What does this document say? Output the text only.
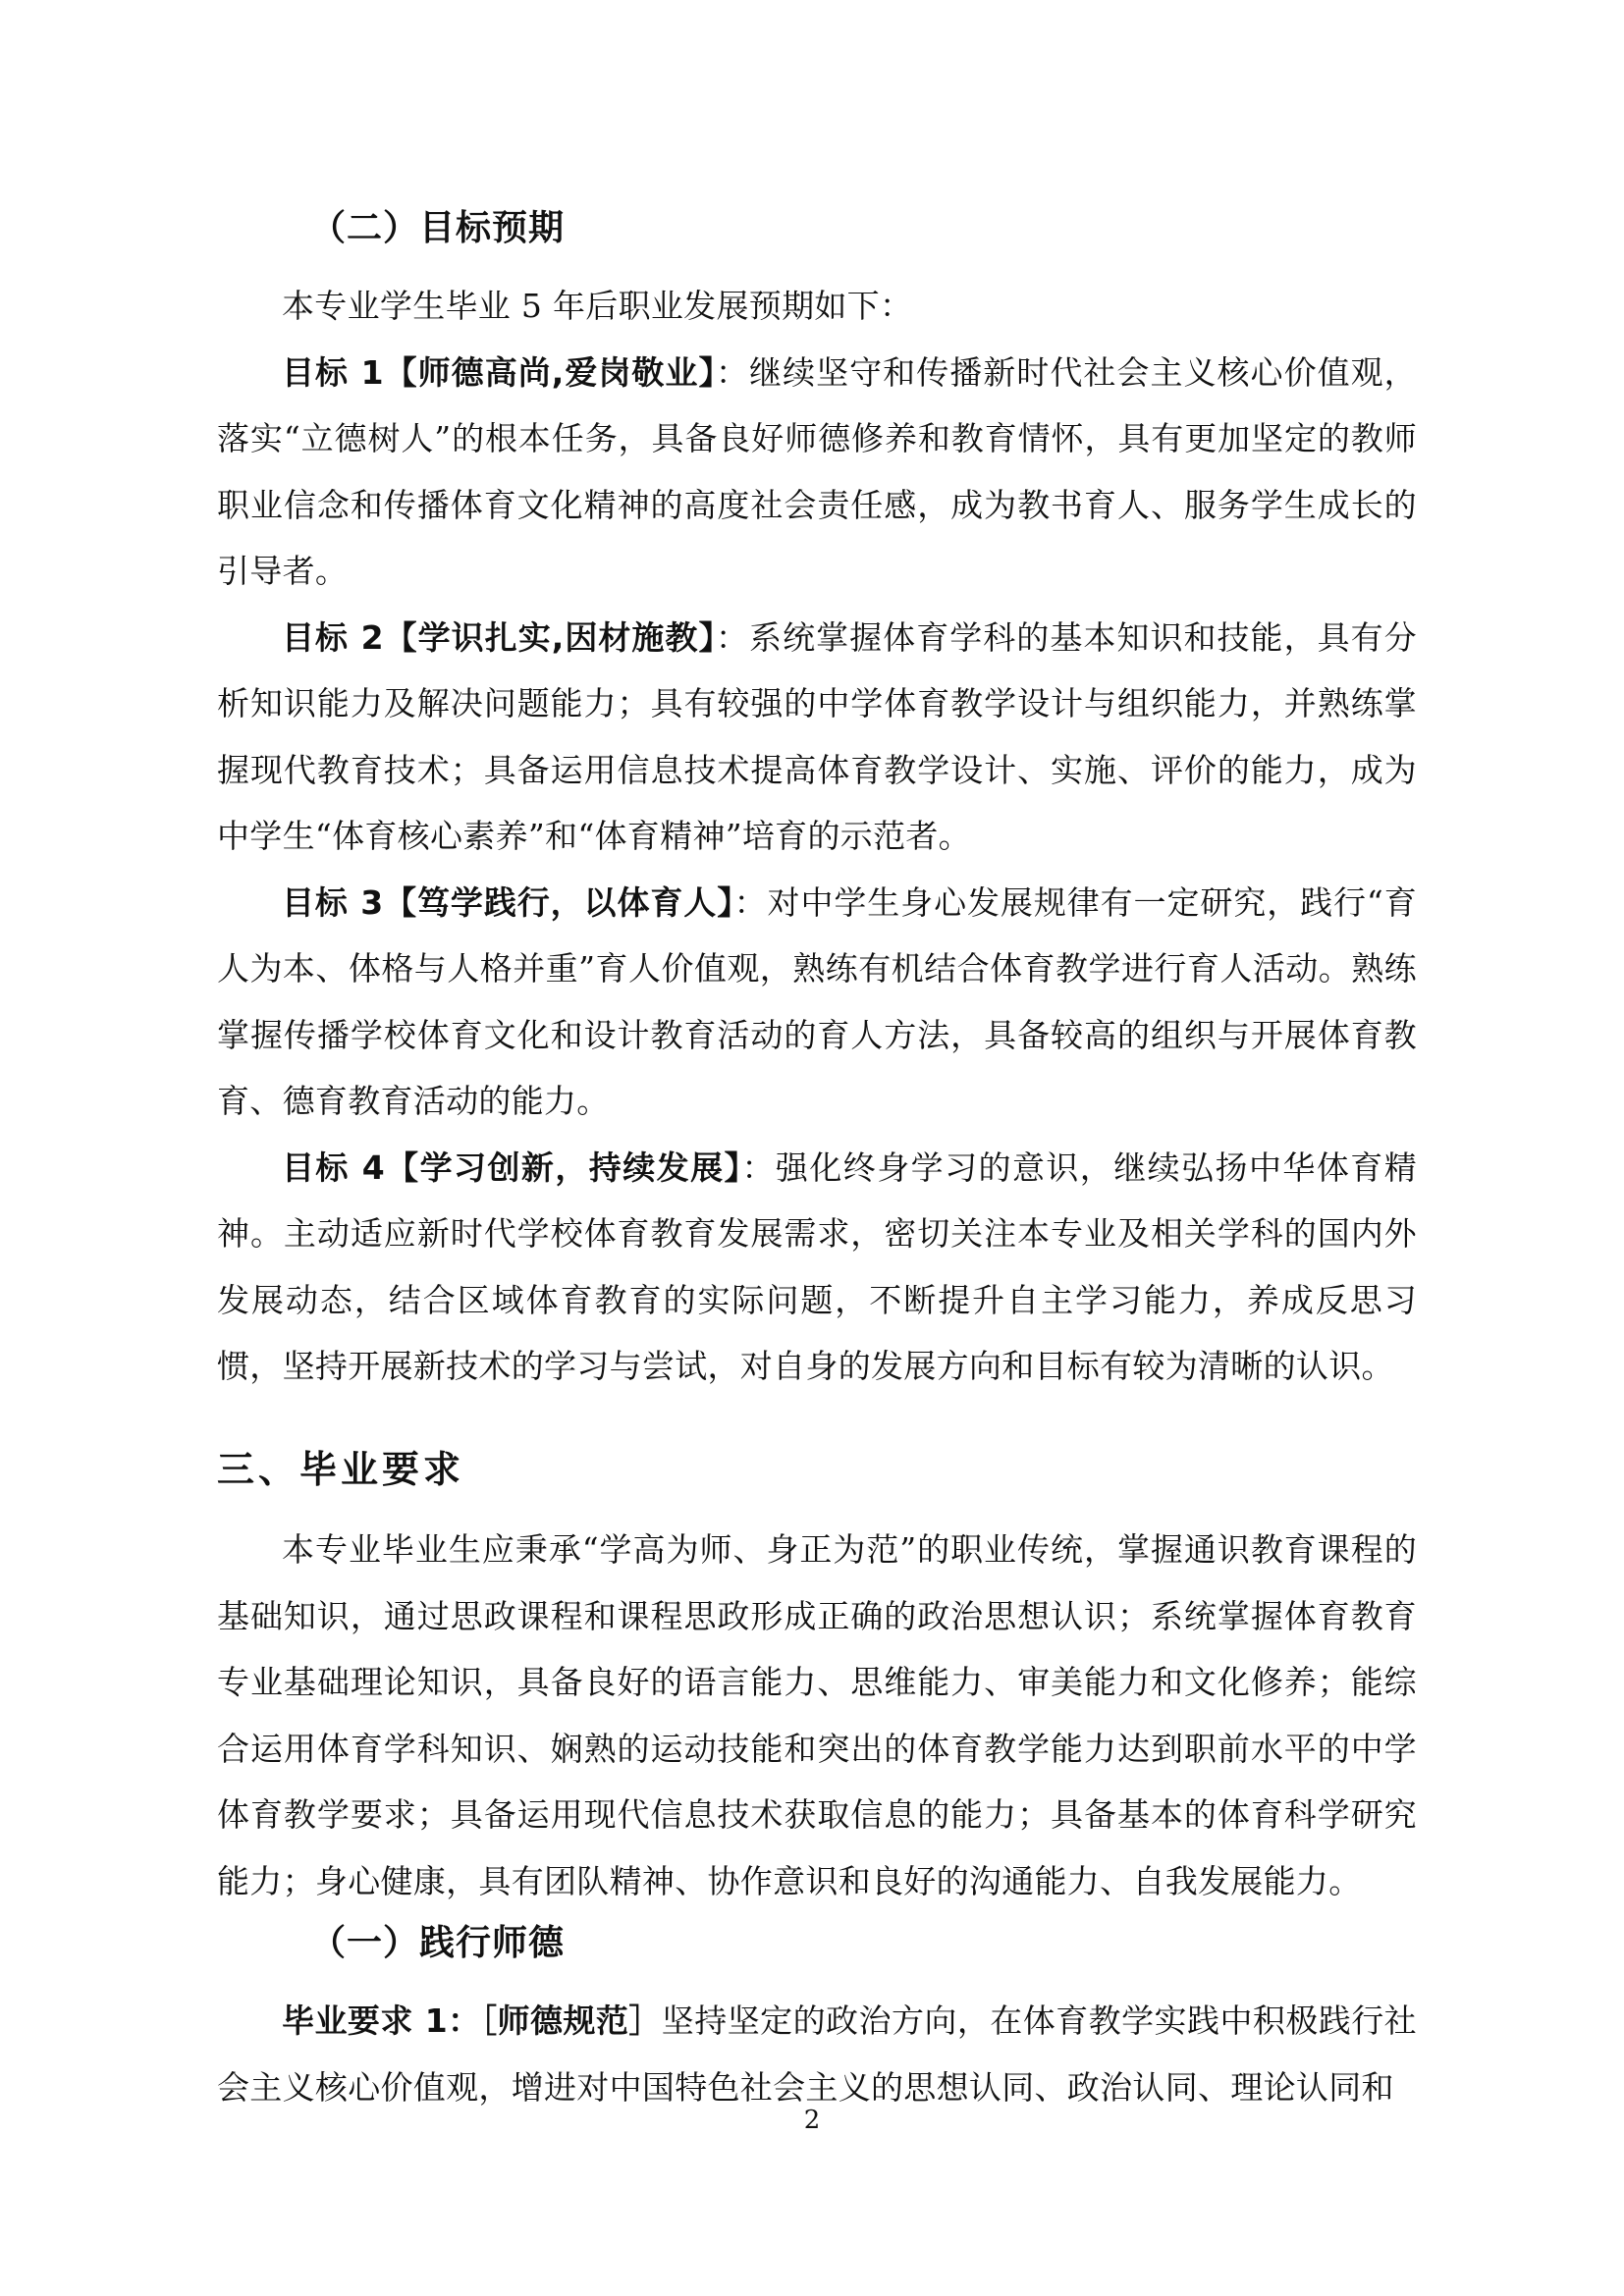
（二）目标预期

本专业学生毕业 5 年后职业发展预期如下：

目标 1【师德高尚,爱岗敬业】：继续坚守和传播新时代社会主义核心价值观，落实“立德树人”的根本任务，具备良好师德修养和教育情怀，具有更加坚定的教师职业信念和传播体育文化精神的高度社会责任感，成为教书育人、服务学生成长的引导者。

目标 2【学识扎实,因材施教】：系统掌握体育学科的基本知识和技能，具有分析知识能力及解决问题能力；具有较强的中学体育教学设计与组织能力，并熟练掌握现代教育技术；具备运用信息技术提高体育教学设计、实施、评价的能力，成为中学生“体育核心素养”和“体育精神”培育的示范者。

目标 3【笃学践行，以体育人】：对中学生身心发展规律有一定研究，践行“育人为本、体格与人格并重”育人价值观，熟练有机结合体育教学进行育人活动。熟练掌握传播学校体育文化和设计教育活动的育人方法，具备较高的组织与开展体育教育、德育教育活动的能力。

目标 4【学习创新，持续发展】：强化终身学习的意识，继续弘扬中华体育精神。主动适应新时代学校体育教育发展需求，密切关注本专业及相关学科的国内外发展动态，结合区域体育教育的实际问题，不断提升自主学习能力，养成反思习惯，坚持开展新技术的学习与尝试，对自身的发展方向和目标有较为清晰的认识。

三、毕业要求

本专业毕业生应秉承“学高为师、身正为范”的职业传统，掌握通识教育课程的基础知识，通过思政课程和课程思政形成正确的政治思想认识；系统掌握体育教育专业基础理论知识，具备良好的语言能力、思维能力、审美能力和文化修养；能综合运用体育学科知识、娴熟的运动技能和突出的体育教学能力达到职前水平的中学体育教学要求；具备运用现代信息技术获取信息的能力；具备基本的体育科学研究能力；身心健康，具有团队精神、协作意识和良好的沟通能力、自我发展能力。

（一）践行师德

毕业要求 1：［师德规范］坚持坚定的政治方向，在体育教学实践中积极践行社会主义核心价值观，增进对中国特色社会主义的思想认同、政治认同、理论认同和

2
